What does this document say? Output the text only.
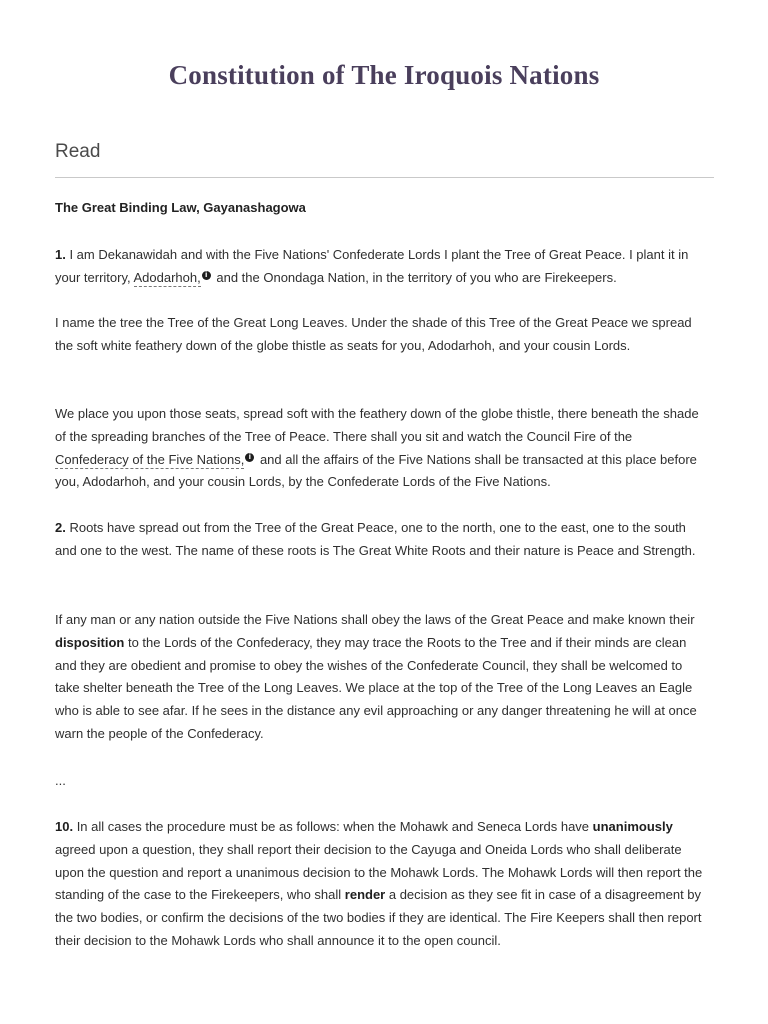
Constitution of The Iroquois Nations
Read
The Great Binding Law, Gayanashagowa

1. I am Dekanawidah and with the Five Nations' Confederate Lords I plant the Tree of Great Peace. I plant it in your territory, Adodarhoh, i and the Onondaga Nation, in the territory of you who are Firekeepers.

I name the tree the Tree of the Great Long Leaves. Under the shade of this Tree of the Great Peace we spread the soft white feathery down of the globe thistle as seats for you, Adodarhoh, and your cousin Lords.

We place you upon those seats, spread soft with the feathery down of the globe thistle, there beneath the shade of the spreading branches of the Tree of Peace. There shall you sit and watch the Council Fire of the Confederacy of the Five Nations, i and all the affairs of the Five Nations shall be transacted at this place before you, Adodarhoh, and your cousin Lords, by the Confederate Lords of the Five Nations.

2. Roots have spread out from the Tree of the Great Peace, one to the north, one to the east, one to the south and one to the west. The name of these roots is The Great White Roots and their nature is Peace and Strength.

If any man or any nation outside the Five Nations shall obey the laws of the Great Peace and make known their disposition to the Lords of the Confederacy, they may trace the Roots to the Tree and if their minds are clean and they are obedient and promise to obey the wishes of the Confederate Council, they shall be welcomed to take shelter beneath the Tree of the Long Leaves. We place at the top of the Tree of the Long Leaves an Eagle who is able to see afar. If he sees in the distance any evil approaching or any danger threatening he will at once warn the people of the Confederacy.

...

10. In all cases the procedure must be as follows: when the Mohawk and Seneca Lords have unanimously agreed upon a question, they shall report their decision to the Cayuga and Oneida Lords who shall deliberate upon the question and report a unanimous decision to the Mohawk Lords. The Mohawk Lords will then report the standing of the case to the Firekeepers, who shall render a decision as they see fit in case of a disagreement by the two bodies, or confirm the decisions of the two bodies if they are identical. The Fire Keepers shall then report their decision to the Mohawk Lords who shall announce it to the open council.
